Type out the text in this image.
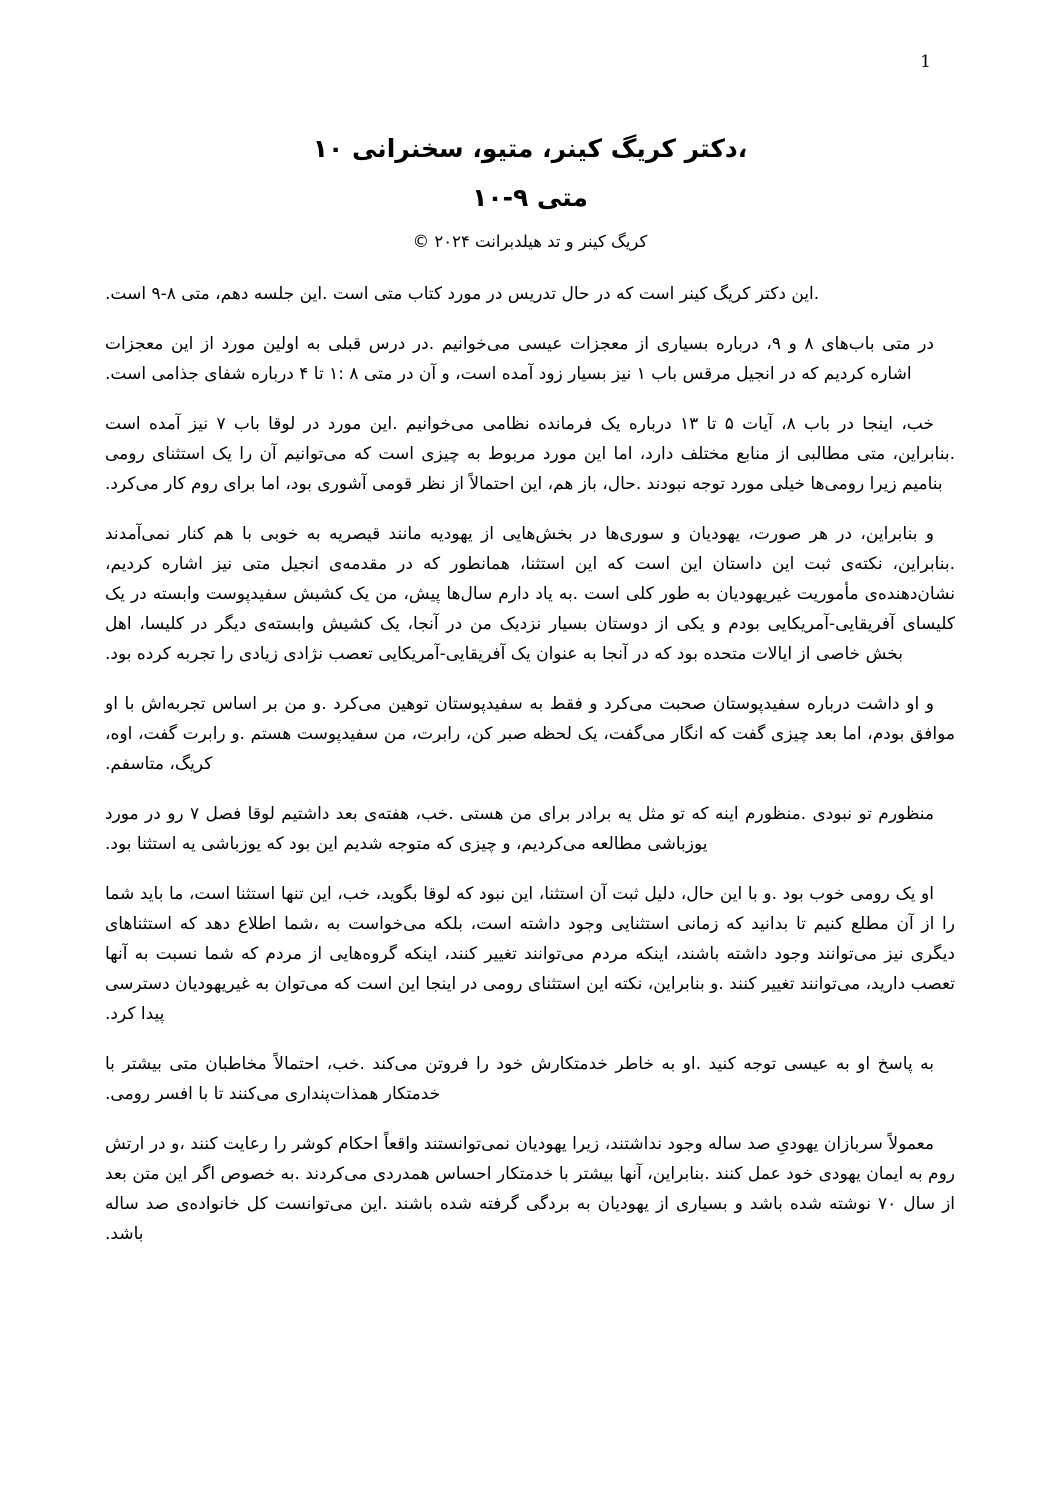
1
،دکتر کریگ کینر، متیو، سخنرانی ۱۰
متی ۹-۱۰
کریگ کینر و تد هیلدبرانت ۲۰۲۴ ©

.این دکتر کریگ کینر است که در حال تدریس در مورد کتاب متی است .این جلسه دهم، متی ۸-۹ است.

در متی باب‌های ۸ و ۹، درباره بسیاری از معجزات عیسی می‌خوانیم .در درس قبلی به اولین مورد از این معجزات اشاره کردیم که در انجیل مرقس باب ۱ نیز بسیار زود آمده است، و آن در متی ۸ :۱ تا ۴ درباره شفای جذامی است.

خب، اینجا در باب ۸، آیات ۵ تا ۱۳ درباره یک فرمانده نظامی می‌خوانیم .این مورد در لوقا باب ۷ نیز آمده است .بنابراین، متی مطالبی از منابع مختلف دارد، اما این مورد مربوط به چیزی است که می‌توانیم آن را یک استثنای رومی بنامیم زیرا رومی‌ها خیلی مورد توجه نبودند .حال، باز هم، این احتمالاً از نظر قومی آشوری بود، اما برای روم کار می‌کرد.

و بنابراین، در هر صورت، یهودیان و سوری‌ها در بخش‌هایی از یهودیه مانند قیصریه به خوبی با هم کنار نمی‌آمدند .بنابراین، نکته‌ی ثبت این داستان این است که این استثنا، همانطور که در مقدمه‌ی انجیل متی نیز اشاره کردیم، نشان‌دهنده‌ی مأموریت غیریهودیان به طور کلی است .به یاد دارم سال‌ها پیش، من یک کشیش سفیدپوست وابسته در یک کلیسای آفریقایی-آمریکایی بودم و یکی از دوستان بسیار نزدیک من در آنجا، یک کشیش وابسته‌ی دیگر در کلیسا، اهل بخش خاصی از ایالات متحده بود که در آنجا به عنوان یک آفریقایی-آمریکایی تعصب نژادی زیادی را تجربه کرده بود.

و او داشت درباره سفیدپوستان صحبت می‌کرد و فقط به سفیدپوستان توهین می‌کرد .و من بر اساس تجربه‌اش با او موافق بودم، اما بعد چیزی گفت که انگار می‌گفت، یک لحظه صبر کن، رابرت، من سفیدپوست هستم .و رابرت گفت، اوه، کریگ، متاسفم.

منظورم تو نبودی .منظورم اینه که تو مثل یه برادر برای من هستی .خب، هفته‌ی بعد داشتیم لوقا فصل ۷ رو در مورد یوزباشی مطالعه می‌کردیم، و چیزی که متوجه شدیم این بود که یوزباشی یه استثنا بود.

او یک رومی خوب بود .و با این حال، دلیل ثبت آن استثنا، این نبود که لوقا بگوید، خب، این تنها استثنا است، ما باید شما را از آن مطلع کنیم تا بدانید که زمانی استثنایی وجود داشته است، بلکه می‌خواست به ،شما اطلاع دهد که استثناهای دیگری نیز می‌توانند وجود داشته باشند، اینکه مردم می‌توانند تغییر کنند، اینکه گروه‌هایی از مردم که شما نسبت به آنها تعصب دارید، می‌توانند تغییر کنند .و بنابراین، نکته این استثنای رومی در اینجا این است که می‌توان به غیریهودیان دسترسی پیدا کرد.

به پاسخ او به عیسی توجه کنید .او به خاطر خدمتکارش خود را فروتن می‌کند .خب، احتمالاً مخاطبان متی بیشتر با خدمتکار همذات‌پنداری می‌کنند تا با افسر رومی.

معمولاً سربازان یهودیِ صد ساله وجود نداشتند، زیرا یهودیان نمی‌توانستند واقعاً احکام کوشر را رعایت کنند ،و در ارتش روم به ایمان یهودی خود عمل کنند .بنابراین، آنها بیشتر با خدمتکار احساس همدردی می‌کردند .به خصوص اگر این متن بعد از سال ۷۰ نوشته شده باشد و بسیاری از یهودیان به بردگی گرفته شده باشند .این می‌توانست کل خانواده‌ی صد ساله باشد.
